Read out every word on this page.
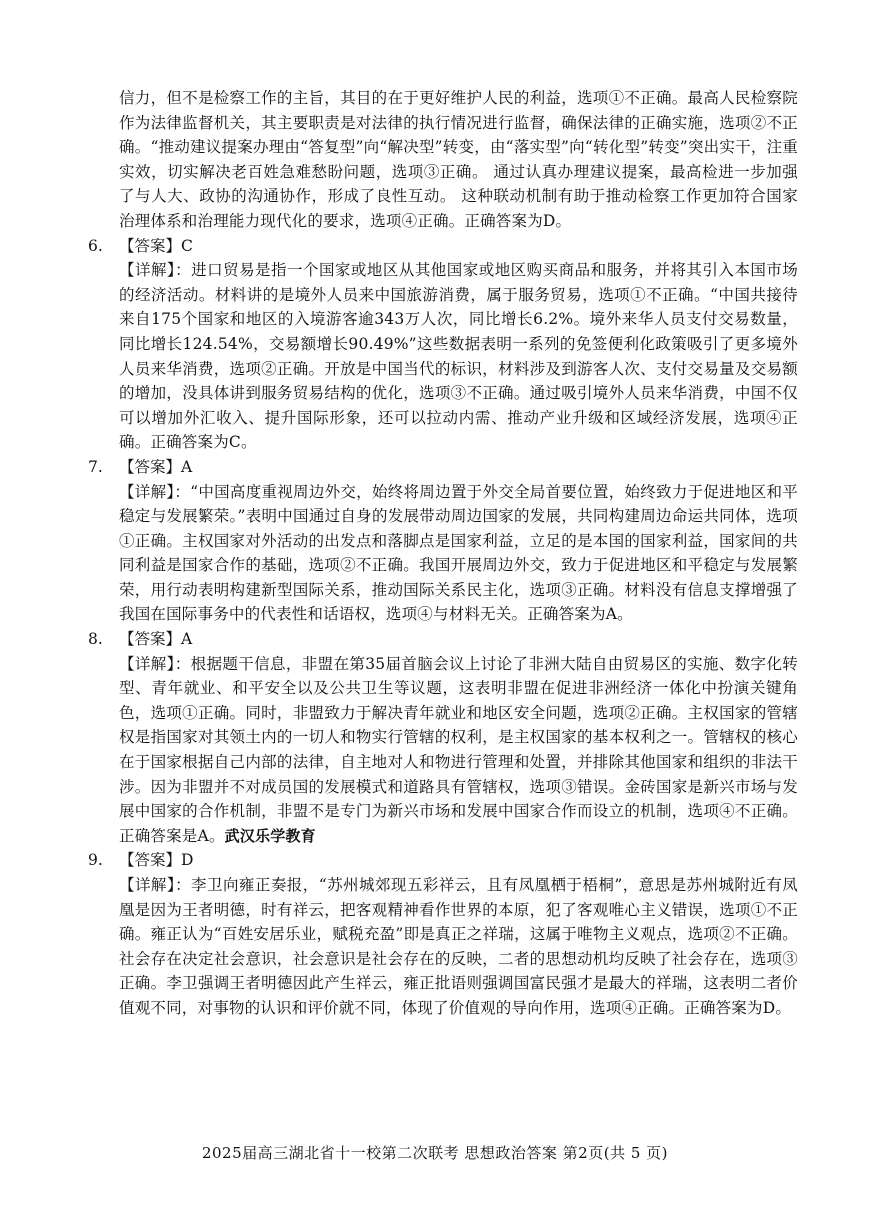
信力，但不是检察工作的主旨，其目的在于更好维护人民的利益，选项①不正确。最高人民检察院作为法律监督机关，其主要职责是对法律的执行情况进行监督，确保法律的正确实施，选项②不正确。“推动建议提案办理由“答复型”向“解决型”转变，由“落实型”向“转化型”转变”突出实干，注重实效，切实解决老百姓急难愁盼问题，选项③正确。 通过认真办理建议提案，最高检进一步加强了与人大、政协的沟通协作，形成了良性互动。 这种联动机制有助于推动检察工作更加符合国家治理体系和治理能力现代化的要求，选项④正确。正确答案为D。
6.	【答案】C
【详解】：进口贸易是指一个国家或地区从其他国家或地区购买商品和服务，并将其引入本国市场的经济活动。材料讲的是境外人员来中国旅游消费，属于服务贸易，选项①不正确。“中国共接待来自175个国家和地区的入境游客逾343万人次，同比增长6.2%。境外来华人员支付交易数量，同比增长124.54%，交易额增长90.49%”这些数据表明一系列的免签便利化政策吸引了更多境外人员来华消费，选项②正确。开放是中国当代的标识，材料涉及到游客人次、支付交易量及交易额的增加，没具体讲到服务贸易结构的优化，选项③不正确。通过吸引境外人员来华消费，中国不仅可以增加外汇收入、提升国际形象，还可以拉动内需、推动产业升级和区域经济发展，选项④正确。正确答案为C。
7.	【答案】A
【详解】：“中国高度重视周边外交，始终将周边置于外交全局首要位置，始终致力于促进地区和平稳定与发展繁荣。”表明中国通过自身的发展带动周边国家的发展，共同构建周边命运共同体，选项①正确。主权国家对外活动的出发点和落脚点是国家利益，立足的是本国的国家利益，国家间的共同利益是国家合作的基础，选项②不正确。我国开展周边外交，致力于促进地区和平稳定与发展繁荣，用行动表明构建新型国际关系，推动国际关系民主化，选项③正确。材料没有信息支撑增强了我国在国际事务中的代表性和话语权，选项④与材料无关。正确答案为A。
8.	【答案】A
【详解】：根据题干信息，非盟在第35届首脑会议上讨论了非洲大陆自由贸易区的实施、数字化转型、青年就业、和平安全以及公共卫生等议题，这表明非盟在促进非洲经济一体化中扮演关键角色，选项①正确。同时，非盟致力于解决青年就业和地区安全问题，选项②正确。主权国家的管辖权是指国家对其领土内的一切人和物实行管辖的权利，是主权国家的基本权利之一。管辖权的核心在于国家根据自己内部的法律，自主地对人和物进行管理和处置，并排除其他国家和组织的非法干涉。因为非盟并不对成员国的发展模式和道路具有管辖权，选项③错误。金砖国家是新兴市场与发展中国家的合作机制，非盟不是专门为新兴市场和发展中国家合作而设立的机制，选项④不正确。正确答案是A。武汉乐学教育
9.	【答案】D
【详解】：李卫向雍正奏报，“苏州城郊现五彩祥云，且有凤凰栖于梧桐”，意思是苏州城附近有凤凰是因为王者明德，时有祥云，把客观精神看作世界的本原，犯了客观唯心主义错误，选项①不正确。雍正认为“百姓安居乐业，赋税充盈”即是真正之祥瑞，这属于唯物主义观点，选项②不正确。社会存在决定社会意识，社会意识是社会存在的反映，二者的思想动机均反映了社会存在，选项③正确。李卫强调王者明德因此产生祥云，雍正批语则强调国富民强才是最大的祥瑞，这表明二者价值观不同，对事物的认识和评价就不同，体现了价值观的导向作用，选项④正确。正确答案为D。
2025届高三湖北省十一校第二次联考 思想政治答案 第2页(共 5 页)
